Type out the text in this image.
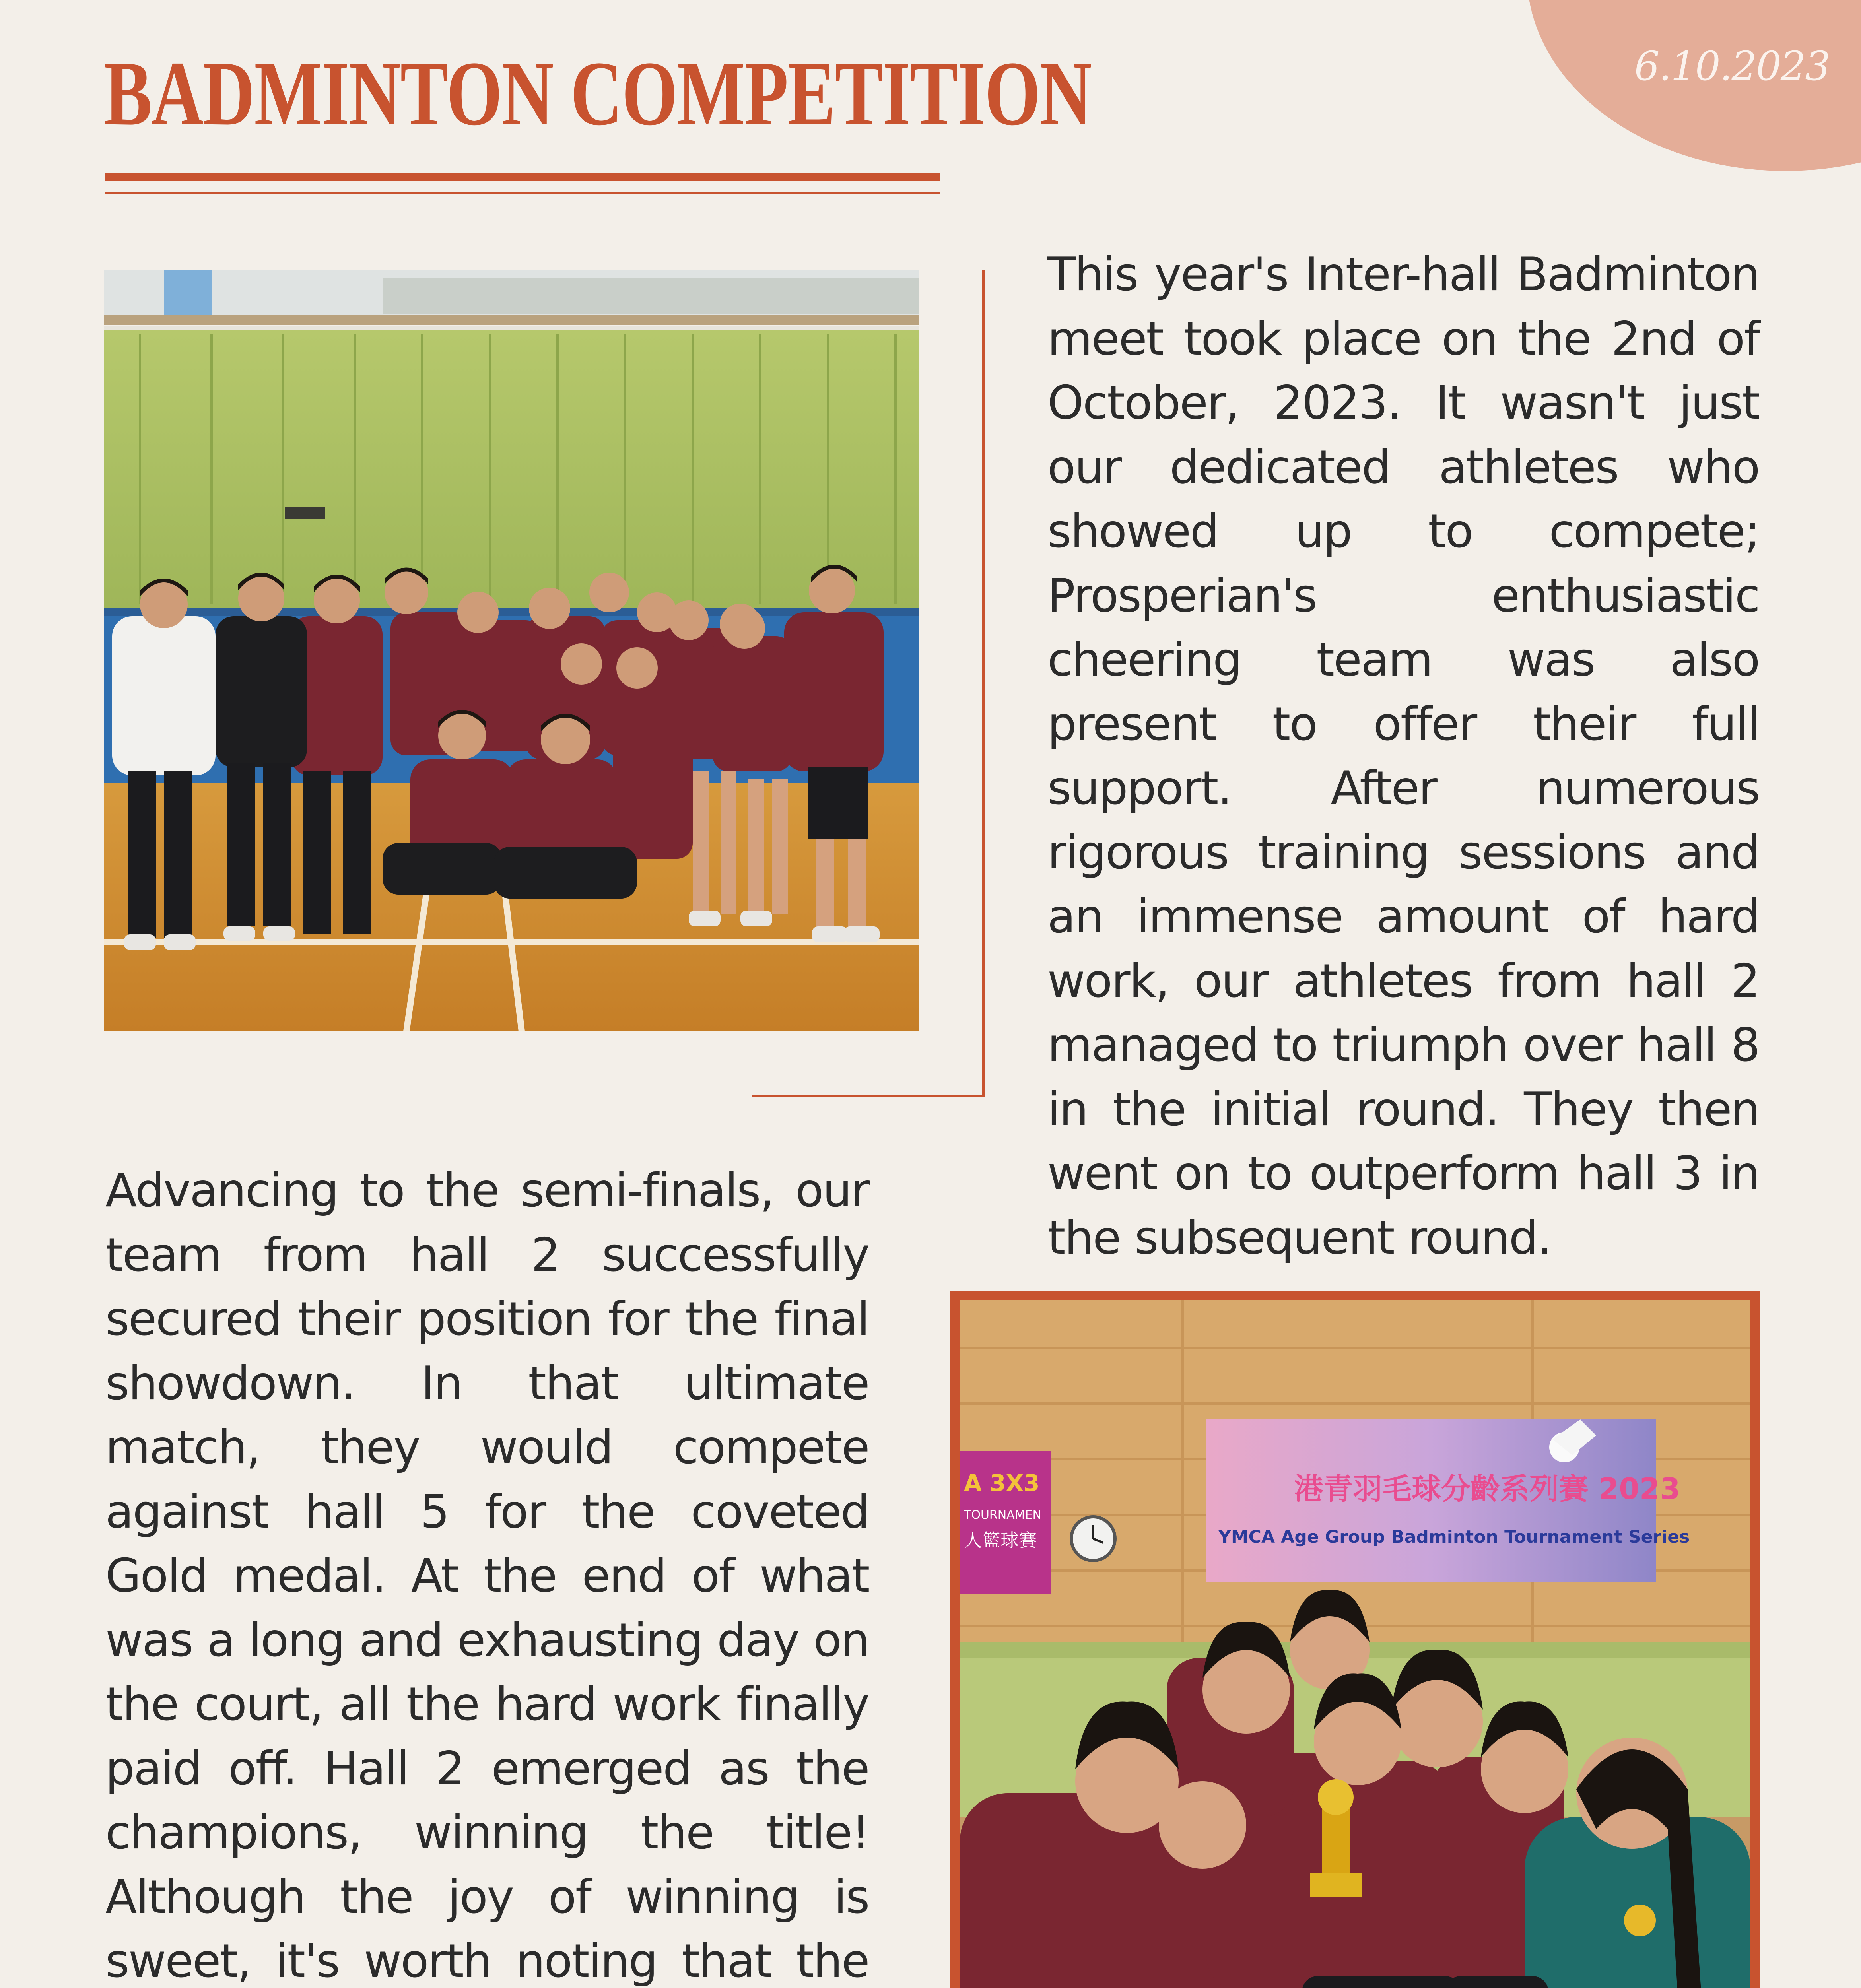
6.10.2023
BADMINTON COMPETITION

This year's Inter-hall Badminton meet took place on the 2nd of October, 2023. It wasn't just our dedicated athletes who showed up to compete; Prosperian's enthusiastic cheering team was also present to offer their full support. After numerous rigorous training sessions and an immense amount of hard work, our athletes from hall 2 managed to triumph over hall 8 in the initial round. They then went on to outperform hall 3 in the subsequent round.

Advancing to the semi-finals, our team from hall 2 successfully secured their position for the final showdown. In that ultimate match, they would compete against hall 5 for the coveted Gold medal. At the end of what was a long and exhausting day on the court, all the hard work finally paid off. Hall 2 emerged as the champions, winning the title! Although the joy of winning is sweet, it's worth noting that the

港青羽毛球分齡系列賽 2023
YMCA Age Group Badminton Tournament Series
A 3X3
TOURNAMEN
人籃球賽
